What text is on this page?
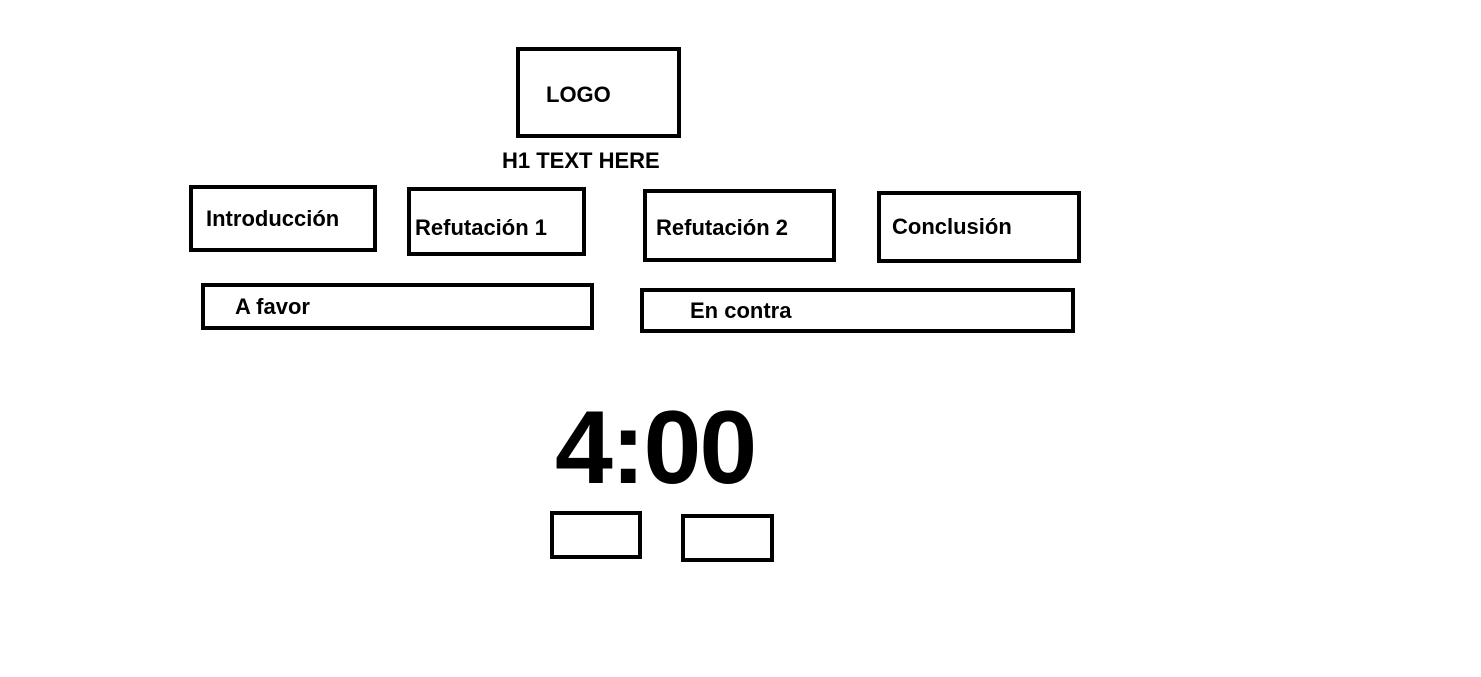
LOGO
H1 TEXT HERE
Introducción	Refutación 1	Refutación 2	Conclusión
A favor	En contra
4:00
